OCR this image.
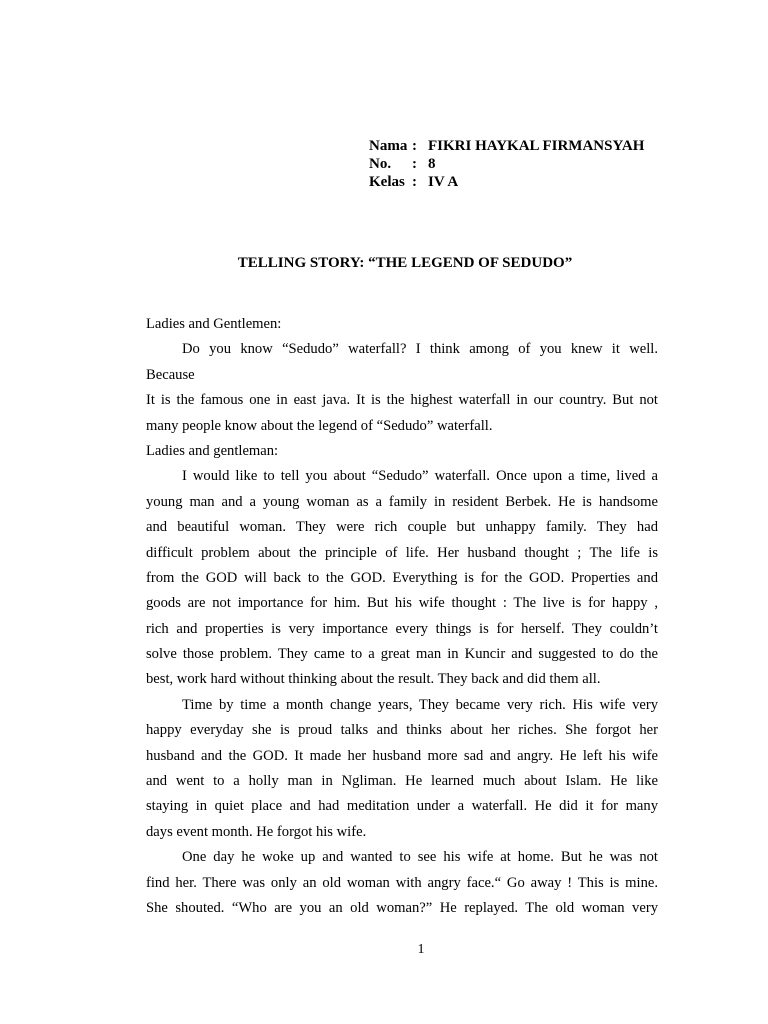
Nama : FIKRI HAYKAL FIRMANSYAH
No.	: 8
Kelas : IV A
TELLING STORY: “THE LEGEND OF SEDUDO”
Ladies and Gentlemen:
Do you know “Sedudo” waterfall? I think among of you knew it well.
Because
It is the famous one in east java. It is the highest waterfall in our country. But not
many people know about the legend of “Sedudo” waterfall.
Ladies and gentleman:
I would like to tell you about “Sedudo” waterfall. Once upon a time, lived a
young man and a young woman as a family in resident Berbek. He is handsome
and beautiful woman. They were rich couple but unhappy family. They had
difficult problem about the principle of life. Her husband thought ; The life is
from the GOD will back to the GOD. Everything is for the GOD. Properties and
goods are not importance for him. But his wife thought : The live is for happy ,
rich and properties is very importance every things is for herself. They couldn’t
solve those problem. They came to a great man in Kuncir and suggested to do the
best, work hard without thinking about the result. They back and did them all.
Time by time a month change years, They became very rich. His wife very
happy everyday she is proud talks and thinks about her riches. She forgot her
husband and the GOD. It made her husband more sad and angry. He left his wife
and went to a holly man in Ngliman. He learned much about Islam. He like
staying in quiet place and had meditation under a waterfall. He did it for many
days event month. He forgot his wife.
One day he woke up and wanted to see his wife at home. But he was not
find her. There was only an old woman with angry face.“ Go away ! This is mine.
She shouted. “Who are you an old woman?” He replayed. The old woman very
1
